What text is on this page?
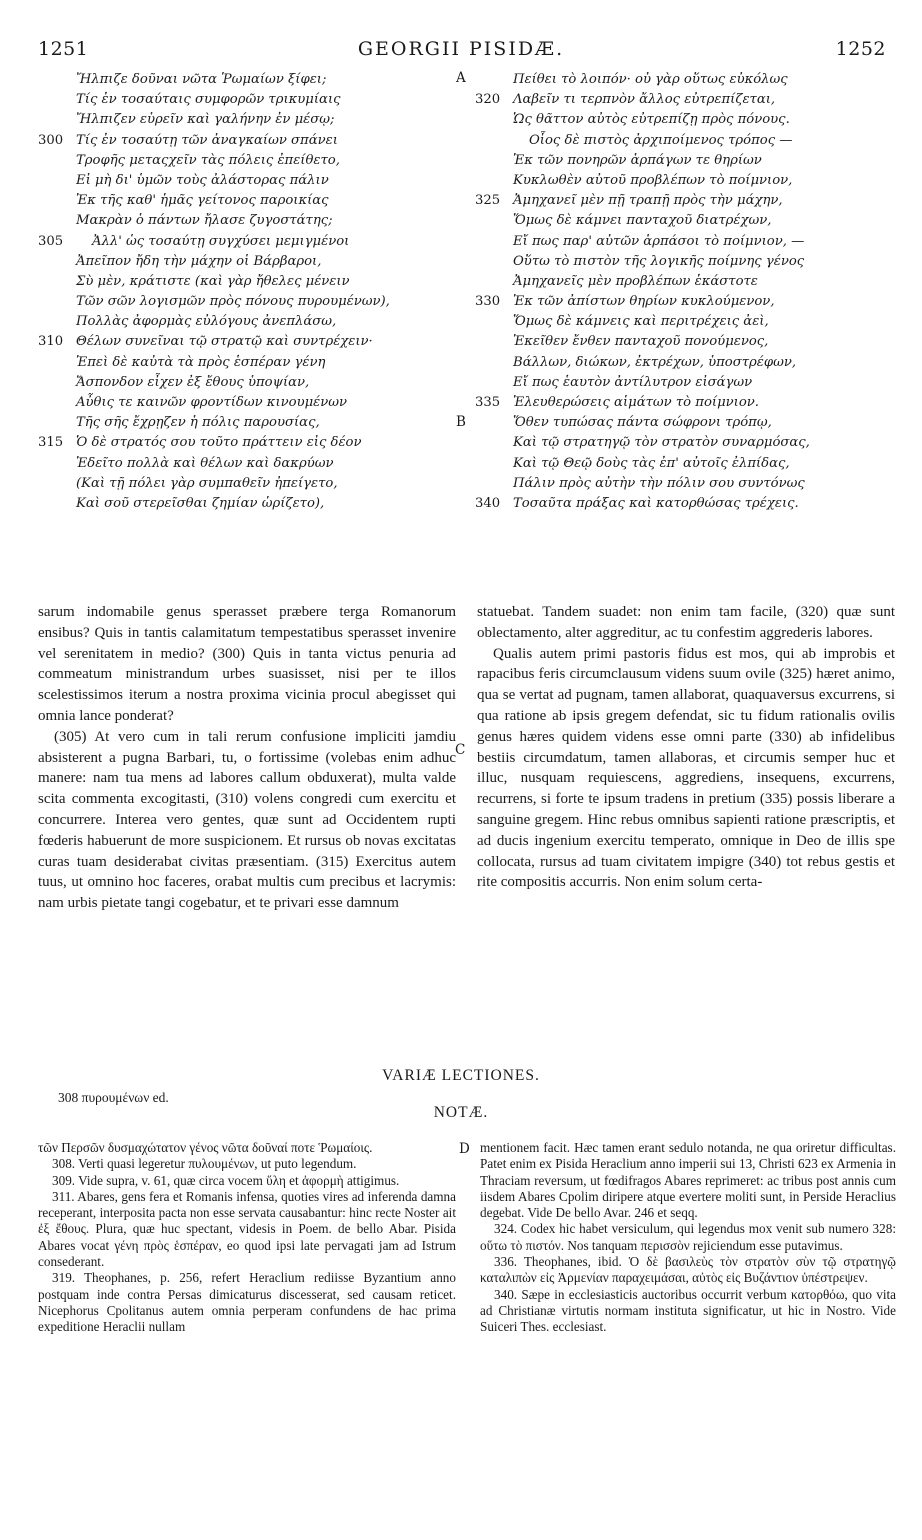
1251	GEORGII PISIDÆ.	1252
Ἤλπιζε δοῦναι νῶτα Ῥωμαίων ξίφει;
Τίς ἐν τοσαύταις συμφορῶν τρικυμίαις
Ἤλπιζεν εὑρεῖν καὶ γαλήνην ἐν μέσῳ;
300 Τίς ἐν τοσαύτῃ τῶν ἀναγκαίων σπάνει
Τροφῆς μεταςχεῖν τὰς πόλεις ἐπείθετο,
Εἰ μὴ δι' ὑμῶν τοὺς ἀλάστορας πάλιν
Ἐκ τῆς καθ' ἡμᾶς γείτονος παροικίας
Μακρὰν ὁ πάντων ἤλασε ζυγοστάτης;
305	Ἀλλ' ὡς τοσαύτῃ συγχύσει μεμιγμένοι
Ἀπεῖπον ἤδη τὴν μάχην οἱ Βάρβαροι,
Σὺ μὲν, κράτιστε (καὶ γὰρ ἤθελες μένειν
Τῶν σῶν λογισμῶν πρὸς πόνους πυρουμένων),
Πολλὰς ἀφορμὰς εὐλόγους ἀνεπλάσω,
310 Θέλων συνεῖναι τῷ στρατῷ καὶ συντρέχειν·
Ἐπεὶ δὲ καὐτὰ τὰ πρὸς ἑσπέραν γένη
Ἄσπονδον εἶχεν ἐξ ἔθους ὑποψίαν,
Αὖθις τε καινῶν φροντίδων κινουμένων
Τῆς σῆς ἔχρῃζεν ἡ πόλις παρουσίας,
315 Ὁ δὲ στρατός σου τοῦτο πράττειν εἰς δέον
Ἐδεῖτο πολλὰ καὶ θέλων καὶ δακρύων
(Καὶ τῇ πόλει γὰρ συμπαθεῖν ἠπείγετο,
Καὶ σοῦ στερεῖσθαι ζημίαν ὡρίζετο),
Πείθει τὸ λοιπόν· οὐ γὰρ οὕτως εὐκόλως
320 Λαβεῖν τι τερπνὸν ἄλλος εὐτρεπίζεται,
Ὡς θᾶττον αὐτὸς εὐτρεπίζῃ πρὸς πόνους.
Οἷος δὲ πιστὸς ἀρχιποίμενος τρόπος —
Ἐκ τῶν πονηρῶν ἁρπάγων τε θηρίων
Κυκλωθὲν αὐτοῦ προβλέπων τὸ ποίμνιον,
325 Ἀμηχανεῖ μὲν πῇ τραπῇ πρὸς τὴν μάχην,
Ὅμως δὲ κάμνει πανταχοῦ διατρέχων,
Εἴ πως παρ' αὐτῶν ἁρπάσοι τὸ ποίμνιον, —
Οὕτω τὸ πιστὸν τῆς λογικῆς ποίμνης γένος
Ἀμηχανεῖς μὲν προβλέπων ἑκάστοτε
330 Ἐκ τῶν ἀπίστων θηρίων κυκλούμενον,
Ὅμως δὲ κάμνεις καὶ περιτρέχεις ἀεὶ,
Ἐκεῖθεν ἔνθεν πανταχοῦ πονούμενος,
Βάλλων, διώκων, ἐκτρέχων, ὑποστρέφων,
Εἴ πως ἑαυτὸν ἀντίλυτρον εἰσάγων
335 Ἐλευθερώσεις αἱμάτων τὸ ποίμνιον.
Ὅθεν τυπώσας πάντα σώφρονι τρόπῳ,
Καὶ τῷ στρατηγῷ τὸν στρατὸν συναρμόσας,
Καὶ τῷ Θεῷ δοὺς τὰς ἐπ' αὐτοῖς ἐλπίδας,
Πάλιν πρὸς αὐτὴν τὴν πόλιν σου συντόνως
340 Τοσαῦτα πράξας καὶ κατορθώσας τρέχεις.
A
B
C
D

sarum indomabile genus sperasset præbere terga Romanorum ensibus? Quis in tantis calamitatum tempestatibus sperasset invenire vel serenitatem in medio? (300) Quis in tanta victus penuria ad commeatum ministrandum urbes suasisset, nisi per te illos scelestissimos iterum a nostra proxima vicinia procul abegisset qui omnia lance ponderat?

(305) At vero cum in tali rerum confusione implicitі jamdiu absisterent a pugna Barbari, tu, o fortissime (volebas enim adhuc manere: nam tua mens ad labores callum obduxerat), multa valde scita commenta excogitasti, (310) volens congredi cum exercitu et concurrere. Interea vero gentes, quæ sunt ad Occidentem rupti fœderis habuerunt de more suspicionem. Et rursus ob novas excitatas curas tuam desiderabat civitas præsentiam. (315) Exercitus autem tuus, ut omnino hoc faceres, orabat multis cum precibus et lacrymis: nam urbis pietate tangi cogebatur, et te privari esse damnum

statuebat. Tandem suadet: non enim tam facile, (320) quæ sunt oblectamento, alter aggreditur, ac tu confestim aggrederis labores.

Qualis autem primi pastoris fidus est mos, qui ab improbis et rapacibus feris circumclausum videns suum ovile (325) hæret animo, qua se vertat ad pugnam, tamen allaborat, quaquaversus excurrens, si qua ratione ab ipsis gregem defendat, sic tu fidum rationalis ovilis genus hæres quidem videns esse omni parte (330) ab infidelibus bestiis circumdatum, tamen allaboras, et circumis semper huc et illuc, nusquam requiescens, aggrediens, insequens, excurrens, recurrens, si forte te ipsum tradens in pretium (335) possis liberare a sanguine gregem. Hinc rebus omnibus sapienti ratione præscriptis, et ad ducis ingenium exercitu temperato, omnique in Deo de illis spe collocata, rursus ad tuam civitatem impigre (340) tot rebus gestis et rite compositis accurris. Non enim solum certa-

VARIÆ LECTIONES.
308 πυρουμένων ed.
NOTÆ.

τῶν Περσῶν δυσμαχώτατον γένος νῶτα δοῦναί ποτε Ῥωμαίοις.

308. Verti quasi legeretur πυλουμένων, ut puto legendum.

309. Vide supra, v. 61, quæ circa vocem ὕλη et ἀφορμὴ attigimus.

311. Abares, gens fera et Romanis infensa, quoties vires ad inferenda damna receperant, interposita pacta non esse servata causabantur: hinc recte Noster ait ἐξ ἔθους. Plura, quæ huc spectant, videsis in Poem. de bello Abar. Pisida Abares vocat γένη πρὸς ἑσπέραν, eo quod ipsi late pervagati jam ad Istrum consederant.

319. Theophanes, p. 256, refert Heraclium rediisse Byzantium anno postquam inde contra Persas dimicaturus discesserat, sed causam reticet. Nicephorus Cpolitanus autem omnia perperam confundens de hac prima expeditione Heraclii nullam

mentionem facit. Hæc tamen erant sedulo notanda, ne qua oriretur difficultas. Patet enim ex Pisida Heraclium anno imperii sui 13, Christi 623 ex Armenia in Thraciam reversum, ut fœdifragos Abares reprimeret: ac tribus post annis cum iisdem Abares Cpolim diripere atque evertere moliti sunt, in Perside Heraclius degebat. Vide De bello Avar. 246 et seqq.

324. Codex hic habet versiculum, qui legendus mox venit sub numero 328: οὕτω τὸ πιστόν. Nos tanquam περισσὸν rejiciendum esse putavimus.

336. Theophanes, ibid. Ὁ δὲ βασιλεὺς τὸν στρατὸν σὺν τῷ στρατηγῷ καταλιπὼν εἰς Ἀρμενίαν παραχειμάσαι, αὐτὸς εἰς Βυζάντιον ὑπέστρεψεν.

340. Sæpe in ecclesiasticis auctoribus occurrit verbum κατορθόω, quo vita ad Christianæ virtutis normam instituta significatur, ut hic in Nostro. Vide Suiceri Thes. ecclesiast.
